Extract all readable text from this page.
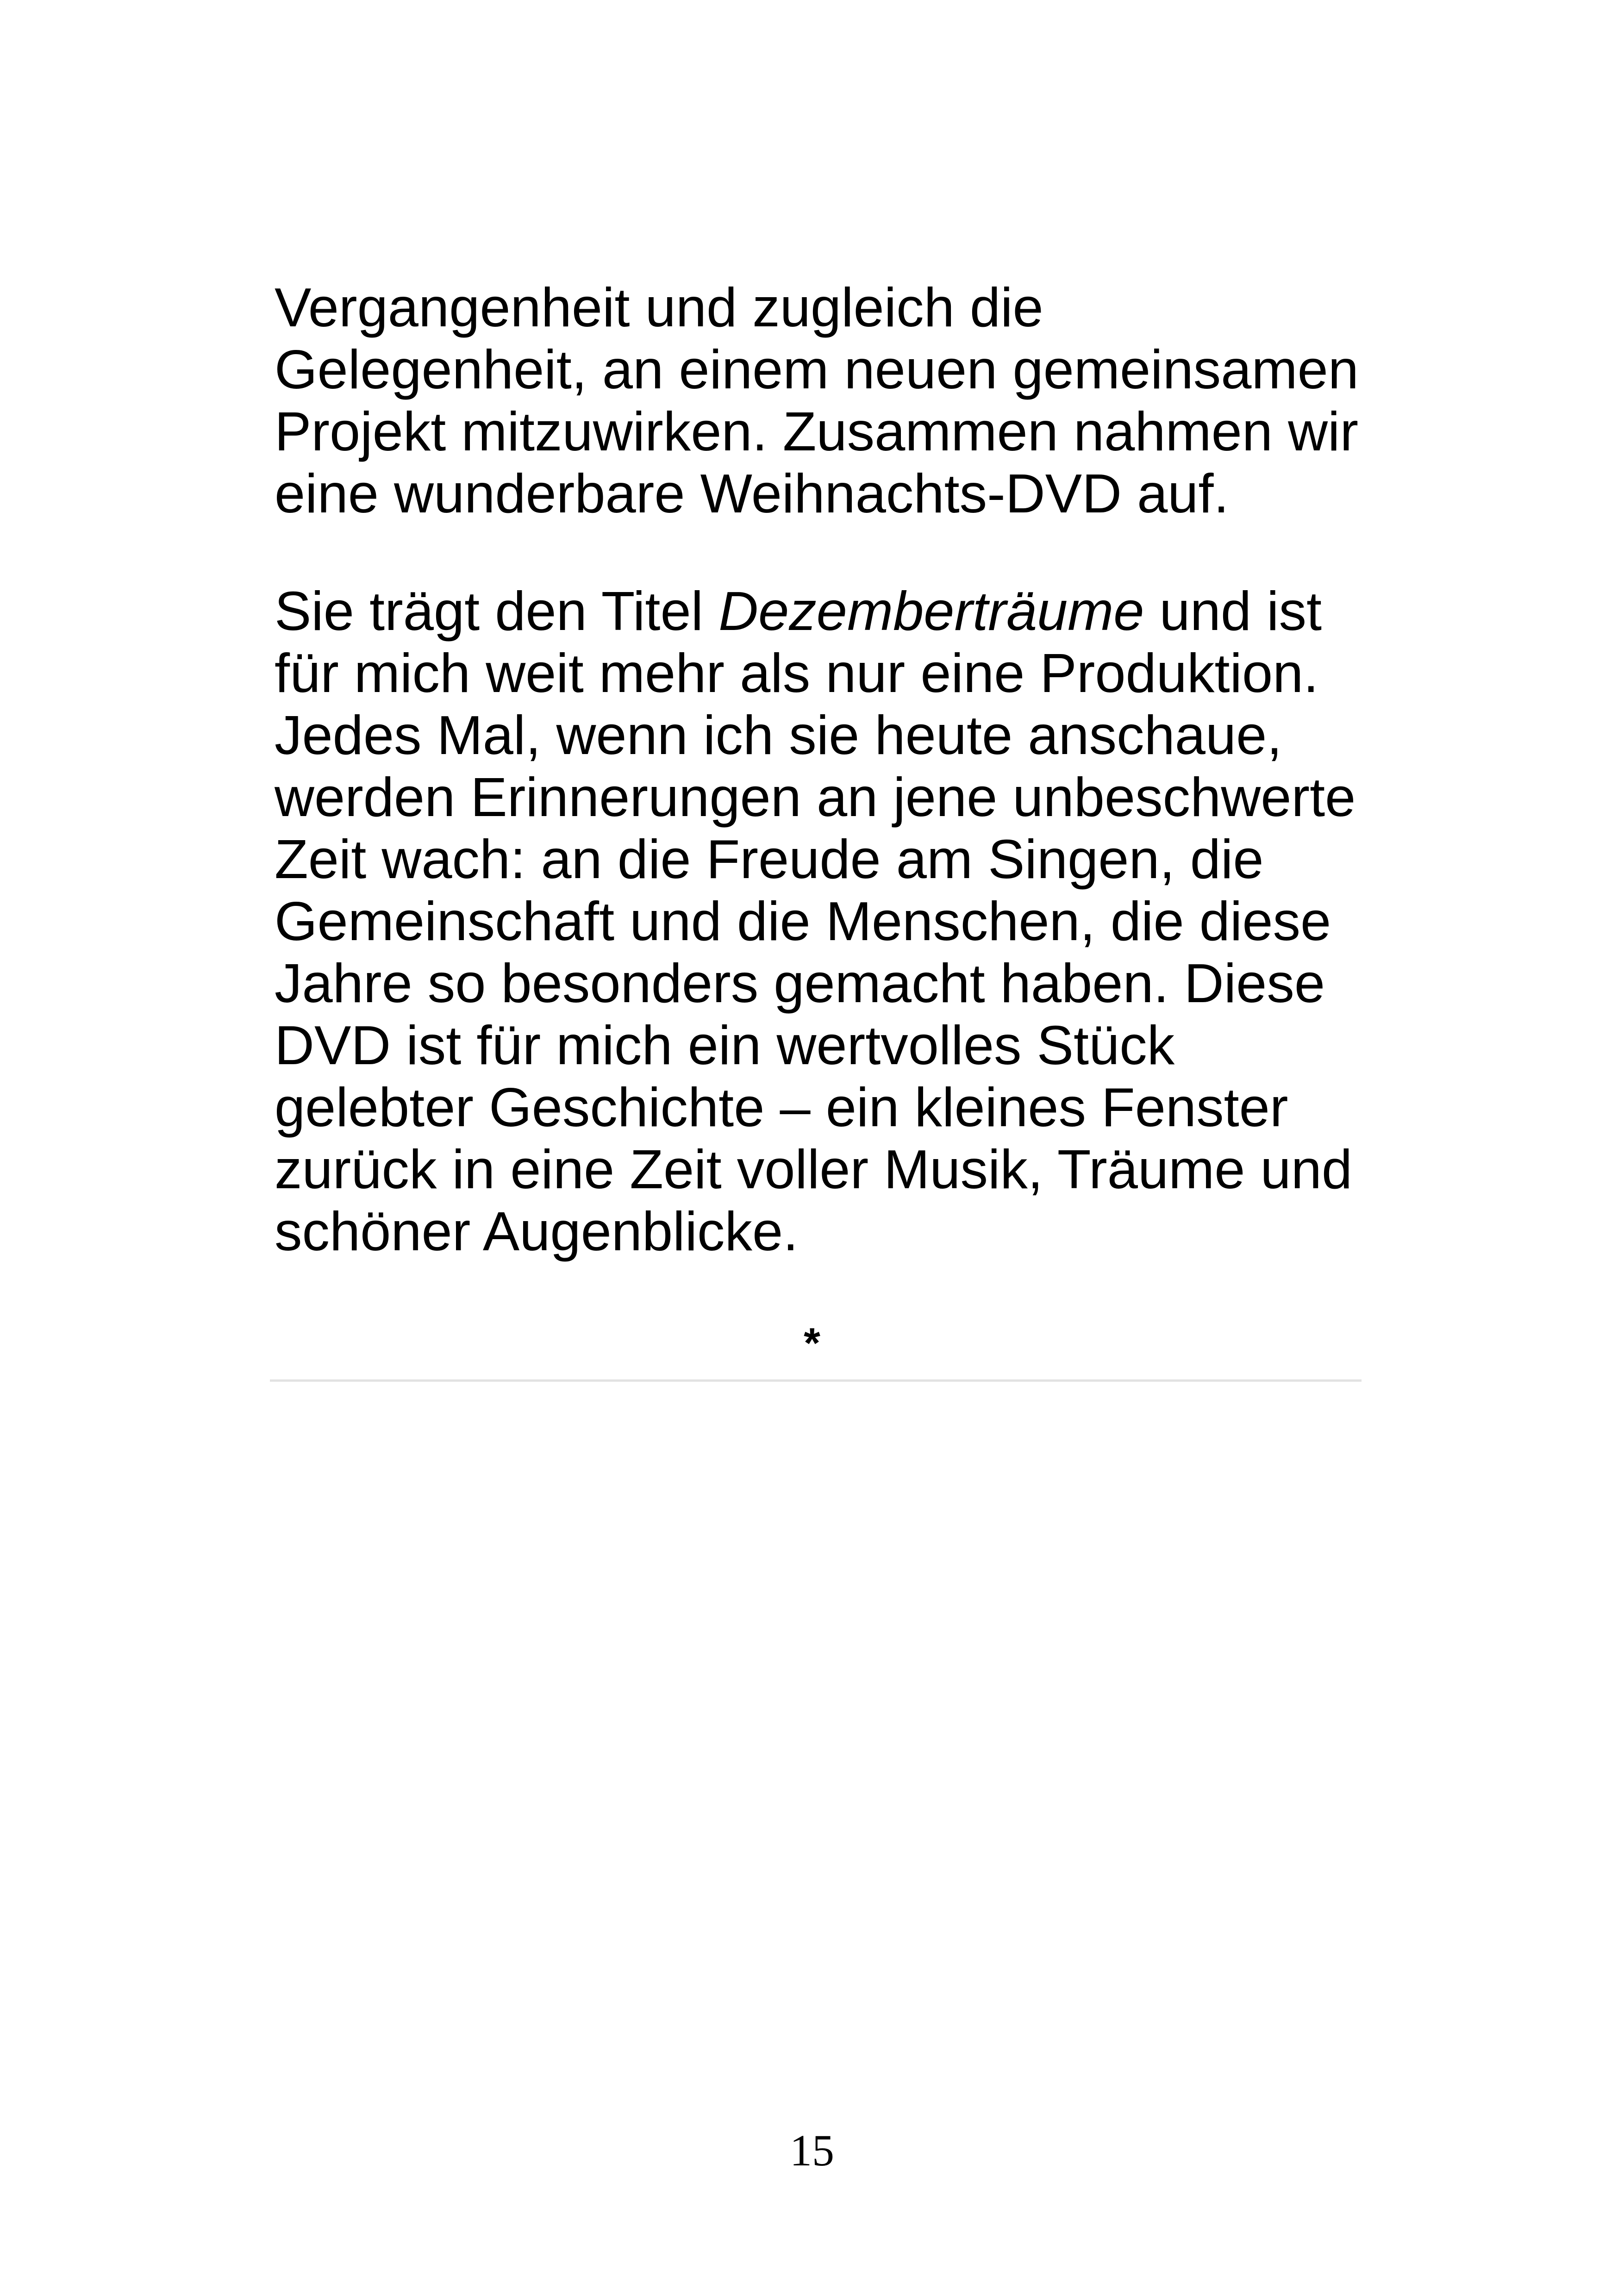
Vergangenheit und zugleich die
Gelegenheit, an einem neuen gemeinsamen
Projekt mitzuwirken. Zusammen nahmen wir
eine wunderbare Weihnachts-DVD auf.
Sie trägt den Titel Dezemberträume und ist
für mich weit mehr als nur eine Produktion.
Jedes Mal, wenn ich sie heute anschaue,
werden Erinnerungen an jene unbeschwerte
Zeit wach: an die Freude am Singen, die
Gemeinschaft und die Menschen, die diese
Jahre so besonders gemacht haben. Diese
DVD ist für mich ein wertvolles Stück
gelebter Geschichte – ein kleines Fenster
zurück in eine Zeit voller Musik, Träume und
schöner Augenblicke.
*
15
